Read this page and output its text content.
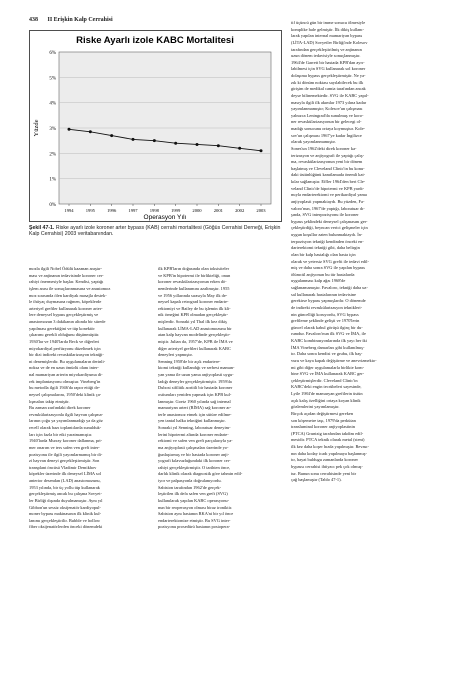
438 II Erişkin Kalp Cerrahisi
Riske Ayarlı izole KABC Mortalitesi
0%
1%
2%
3%
4%
5%
6%
1994	1995	1996	1997	1998	1999	2000	2001	2002	2003
Yüzde
Operasyon Yılı
Şekil 47-1. Riske ayarlı izole koroner arter bypass (KAB) cerrahi mortalitesi (Göğüs Cerrahisi Derneği, Erişkin Kalp Cerrahisi) 2003 veritabanından.
tif üçüncü gün bir imme sonucu ölmesiyle
komplike hale gelmiştir. İlk dikiş kullanı-
larak yapılan internal mamariyan bypass
(LİTA-LAD) Sovyetler Birliği'nde Kolesov
tarafından gerçekleştirilmiş ve anjinanın
uzun dönem tedavisiyle sonuçlanmıştır.
1964'de Garrett bir hastada KPB'dan ayrı-
labilmesi için SVG kullanarak sol koroner
dolaşıma bypass gerçekleştirmiştir. Ne ya-
zık ki dönüm noktası sayılabilecek bu ilk
girişim de medikal camia tarafından ancak
deyse bilinemektedir. SVG ile KABC yapıl-
masıyla ilgili ilk akımlar 1973 yılına kadar
yayımlanmamıştır; Kolesov'un çalışması
yalnızca Leningrad'da sunulmuş ve koro-
ner revaskülarizasyonun bir gelecegi ol-
madığı sonucunu ortaya koymuştur. Kole-
sov'un çalışması 1967'ye kadar İngilizce
olarak yayımlanmamıştır.
Sones'un 1962'deki direk koroner ka-
terizasyon ve anjiyografi ile yaptığı çalış-
ma, revaskülarizasyonun yeni bir dönem
başlatmış ve Cleveland Clinic'in bu konu-
daki üstünlüğünü kanıtlamada önemli kat-
kılar sağlamıştır. Effler 1964'den beri Cle-
veland Clinic'de hipotermi ve KPB yardı-
mıyla endarterektomi ve perikardiyal yama
anjiyoplasti yapmaktaydı. Bu yüzden, Fa-
valoro'nun, 1967'de yaptığı, laboratuar dı-
şında, SVG interpozisyonu ile koroner
bypass şeklindeki deneysel çalışmasını ger-
çekleştirdiği, beyncan verici gelişmeler için
uygun koşullar zaten bulunmaktaydı. İn-
terpozisyon tekniği kendinden önceki en-
darterektomi tekniği gibi, daha belirgin
olan bir kalp hastalığı olan hasta için
olarak ve yetersiz SVG grefti ile tedavi edil-
miş ve daha sonra SVG ile yapılan bypass
ölümcül anjiyonun bu tür hastalarda
uygulanması kalp ağzı 1968'de
sağlanamamıştır. Favaloro, tekniği daha uz-
sal kullanarak hastalarının tedavisine
gerekirse bypass yapmışlardır. O dönemde
de indirekt revaskülarizasyon teknikleri-
nin güncelliği koruyordu, SVG bypass
greftleme şeklinde gelişti ve 1970'lerin
güncel olarak kabul görüşü ilginç bir du-
rumdur. Favaloro'nun ilk SVG ve İMA, ile
KABC kombinasyonlarında ilk yayı her iki
İMA Vineberg damarları gibi kullanılmış-
tır. Daha sonra kendisi ve grubu, ilk baş-
vuru ve kaya kapak değiştirme ve anevrizmekto-
mi gibi diğer uygulamalarla birlikte kom-
bine SVG ve İMA kullanarak KABC ger-
çekleştirmişlerdir. Cleveland Clinic'in
KABC'deki engin tecrübeleri sayesinde,
Lytle 1984'de mamaryan greftlerin üstün
açık kalış özelliğini ortaya koyan klinik
gözlemlerini yayımlamıştır.
Birçok açıdan değiştirmesi gereken
son köşemetre taşı, 1979'da perkütan
transluminal koroner anjiyoplastinin
(PTCA) Gruntzig tarafından takdim edil-
mesidir. PTCA teknik olarak metal (stent)
ilk kez daha koşer hızda yapılmıştır. Revası-
nın daha koday icadı yapılmaya başlanmış-
tır, hayat buldugu zamanlarda koroner
bypassı cerrahisi ihtiyacı pek çok olmuş-
tur. Bunun sonu cerrahisinde yeni bir
çağ başlamıştır (Tablo 47-1).
mozla ilgili Nobel Ödülü kazanan araştır-
ması ve anjinanın tedavisinde koroner cer-
rahiyi önermesiyle başlar. Kendisi, yaptığı
işlem arası ile sonuçlarınmasına ve anastomoz
moz sırasında ölen kardiyak masajla destek-
le ihtiyaç duymasına rağmen, köpeklerde
arteriyel greftler kullanarak koroner arter-
lere deneysel bypass gerçekleştirmiş ve
anastomozun 3 dakikanın altında bir sürede
yapılması gerektiğini ve tüp konektör
çıkarımı gerekli olduğunu düşünmüştür.
1930'lar ve 1940'larda Beck ve diğerleri
miyokardiyal perfüzyonu düzeltmek için
bir dizi indirekt revaskülarizasyon tekniği-
ni denemişlerdir. Bu uygulamaların derinli-
noksa ve de en uzun ömürlü olanı inter-
nal mamariyan arterin miyokardiyuma di-
rek implantasyonu olmuştur. Vineberg'in
bu metodla ilgili 1946'da rapor ettiği de-
neysel çalışmalarını, 1950'deki klinik ça-
lışmaları takip etmiştir.
Bu zaman zarfındaki direk koroner
revaskülarizasyonla ilgili hayvan çalışma-
larının çoğu ya yayımlanmadığı ya da göz
recell olarak bazı toplantılarda sunulduk-
ları için fazla bir etki yaratmamıştır.
1940'larda Murray koroner dallanma, pri-
mer onarım ve ters safen ven greft inter-
pozisyonu ile ilgili yayımlarmamış bir di-
zi hayvan deneyi gerçekleştirmiştir. Son
transplant öncüsü Vladimir Demikhov
köpekler üzerinde ilk deneysel LİMA sol
anterior desendan (LAD) anastomozunu,
1953 yılında, bir üç yollu tüp kullanarak
gerçekleştirmiş ancak bu çalışma Sovyet-
ler Birliği dışında duyulmamıştır. Aynı yıl
Gibbon'un sessiz oksijenatör kardiyopul-
moner bypass makinasının ilk klinik kul-
lanımı gerçekleştirilir. Bubble ve hollow
fiber oksijenatörlerden önceki dönemdeki
ilk KPB'ların doğasında olan toksisiteler
ve KPB'in hipotermi ile birlikteliği, onun
koroner revaskülarizasyonun erken dö-
nemlerinde kullanımını azaltmıştır. 1955
ve 1956 yıllarında sırasıyla May ilk de-
neysel kapalı retrograd koroner endarte-
rektomiyi ve Bailey de bu işlemin ilk kli-
nik örneğini KPB olmadan gerçekleştir-
mişlerdir. Sonraki yıl Thal ilk kez dikiş
kullanarak LİMA-LAD anastomozunu bir
atan kalp hayvan modelinde gerçekleştir-
miştir. Julian da, 1957'de, KPB ile İMA ve
diğer arteriyel greftleri kullanarak KABC
deneyleri yapmıştır.
Senning 1958'de bir açık endartere-
ktomi tekniği kullandığı ve serbest maman-
yan yama ile uzun yama anjiyoplasti uygu-
ladığı deneyler gerçekleştirmiştir. 1959'da
Dubost sifilitik aortitli bir hastada koroner
ostiumları yeniden yapmak için KPB kul-
lanmıştır. Goetz 1960 yılında sağ internal
mamariyan arteri (RİMA) sağ koroner ar-
terle anastomoz etmek için sütüre edilme-
yen tantal halka tekniğini kullanmıştır.
Sonraki yıl Senning, laboratuar deneyim-
lerini hipotermi altında koroner endarte-
rektomi ve safen ven greft parçalarıyla ya-
ma anjiyoplasti çalışmaları üzerinde yo-
ğunlaştırmış ve bir hastada koroner anji-
yografi kılavuzluğundaki ilk koroner cer-
rahiyi gerçekleştirmiştir. O tarihten önce,
darlık klinik olarak diagnostik göre tahmin edil-
iyor ve palpasyonla doğrulanıyordu.
Sabiston tarafından 1962'de gerçek-
leştirilen ilk defa safen ven greft (SVG)
kullanılarak yapılan KABC operasyonu-
nun bir reoperasyon olması biraz ironiktir.
Sabiston aynı hastanın RKA'ni bir yıl önce
endarterektomize etmiştir. Bu SVG inter-
pozisyonu prosedürü hastanın postopera-
